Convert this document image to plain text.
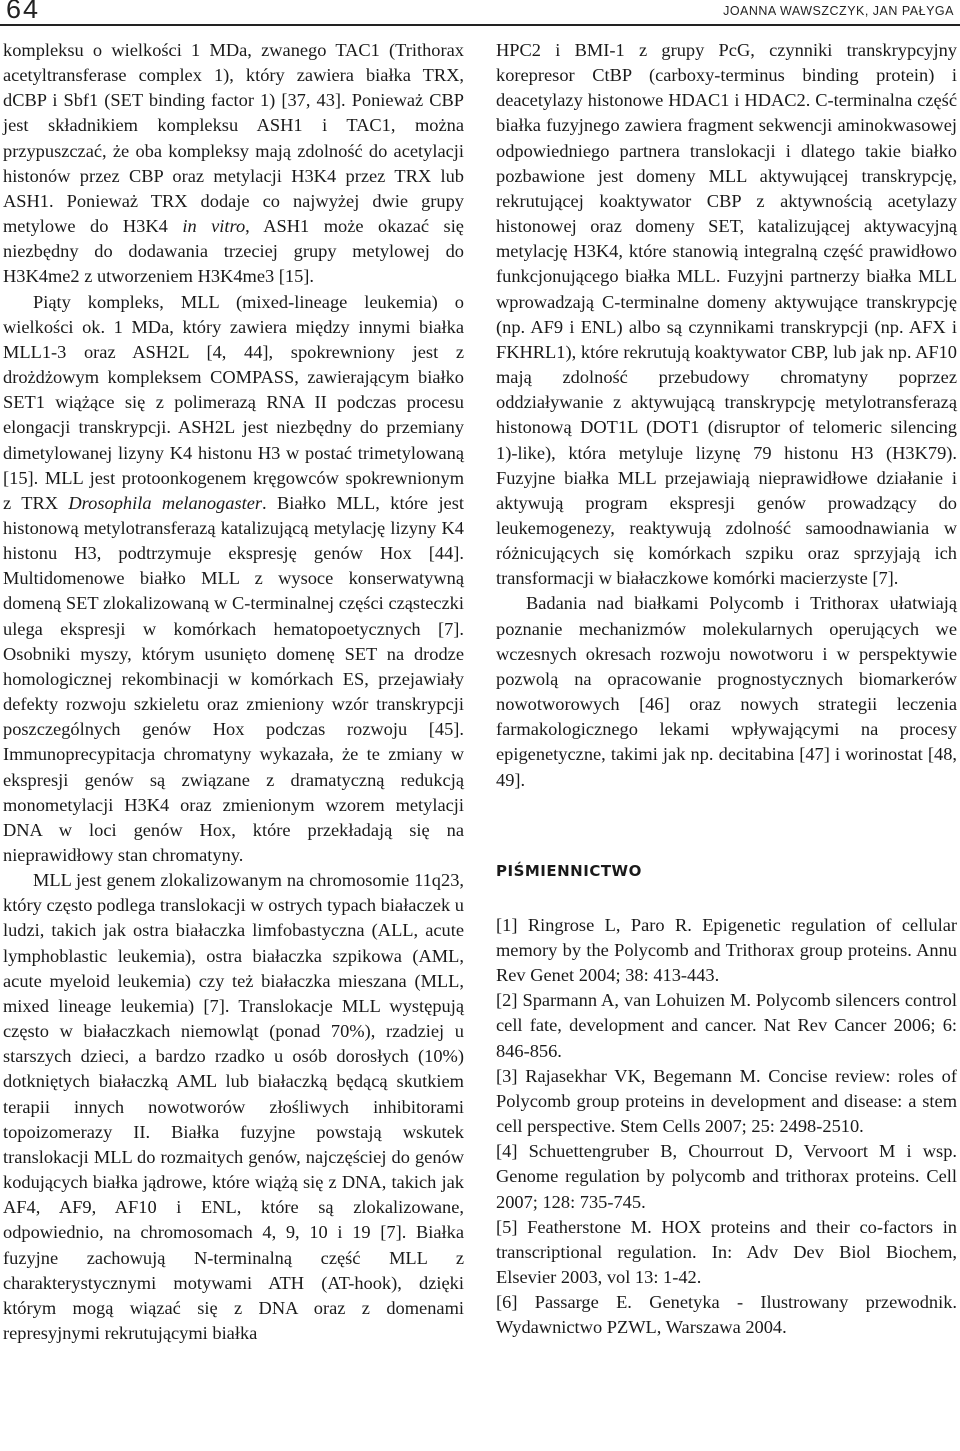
64	JOANNA WAWSZCZYK, JAN PAŁYGA

kompleksu o wielkości 1 MDa, zwanego TAC1 (Trithorax acetyltransferase complex 1), który zawiera białka TRX, dCBP i Sbf1 (SET binding factor 1) [37, 43]. Ponieważ CBP jest składnikiem kompleksu ASH1 i TAC1, można przypuszczać, że oba kompleksy mają zdolność do acetylacji histonów przez CBP oraz metylacji H3K4 przez TRX lub ASH1. Ponieważ TRX dodaje co najwyżej dwie grupy metylowe do H3K4 in vitro, ASH1 może okazać się niezbędny do dodawania trzeciej grupy metylowej do H3K4me2 z utworzeniem H3K4me3 [15].

Piąty kompleks, MLL (mixed-lineage leukemia) o wielkości ok. 1 MDa, który zawiera między innymi białka MLL1-3 oraz ASH2L [4, 44], spokrewniony jest z drożdżowym kompleksem COMPASS, zawierającym białko SET1 wiążące się z polimerazą RNA II podczas procesu elongacji transkrypcji. ASH2L jest niezbędny do przemiany dimetylowanej lizyny K4 histonu H3 w postać trimetylowaną [15]. MLL jest protoonkogenem kręgowców spokrewnionym z TRX Drosophila melanogaster. Białko MLL, które jest histonową metylotransferazą katalizującą metylację lizyny K4 histonu H3, podtrzymuje ekspresję genów Hox [44]. Multidomenowe białko MLL z wysoce konserwatywną domeną SET zlokalizowaną w C-terminalnej części cząsteczki ulega ekspresji w komórkach hematopoetycznych [7]. Osobniki myszy, którym usunięto domenę SET na drodze homologicznej rekombinacji w komórkach ES, przejawiały defekty rozwoju szkieletu oraz zmieniony wzór transkrypcji poszczególnych genów Hox podczas rozwoju [45]. Immunoprecypitacja chromatyny wykazała, że te zmiany w ekspresji genów są związane z dramatyczną redukcją monometylacji H3K4 oraz zmienionym wzorem metylacji DNA w loci genów Hox, które przekładają się na nieprawidłowy stan chromatyny.

MLL jest genem zlokalizowanym na chromosomie 11q23, który często podlega translokacji w ostrych typach białaczek u ludzi, takich jak ostra białaczka limfobastyczna (ALL, acute lymphoblastic leukemia), ostra białaczka szpikowa (AML, acute myeloid leukemia) czy też białaczka mieszana (MLL, mixed lineage leukemia) [7]. Translokacje MLL występują często w białaczkach niemowląt (ponad 70%), rzadziej u starszych dzieci, a bardzo rzadko u osób dorosłych (10%) dotkniętych białaczką AML lub białaczką będącą skutkiem terapii innych nowotworów złośliwych inhibitorami topoizomerazy II. Białka fuzyjne powstają wskutek translokacji MLL do rozmaitych genów, najczęściej do genów kodujących białka jądrowe, które wiążą się z DNA, takich jak AF4, AF9, AF10 i ENL, które są zlokalizowane, odpowiednio, na chromosomach 4, 9, 10 i 19 [7]. Białka fuzyjne zachowują N-terminalną część MLL z charakterystycznymi motywami ATH (AT-hook), dzięki którym mogą wiązać się z DNA oraz z domenami represyjnymi rekrutującymi białka

HPC2 i BMI-1 z grupy PcG, czynniki transkrypcyjny korepresor CtBP (carboxy-terminus binding protein) i deacetylazy histonowe HDAC1 i HDAC2. C-terminalna część białka fuzyjnego zawiera fragment sekwencji aminokwasowej odpowiedniego partnera translokacji i dlatego takie białko pozbawione jest domeny MLL aktywującej transkrypcję, rekrutującej koaktywator CBP z aktywnością acetylazy histonowej oraz domeny SET, katalizującej aktywacyjną metylację H3K4, które stanowią integralną część prawidłowo funkcjonującego białka MLL. Fuzyjni partnerzy białka MLL wprowadzają C-terminalne domeny aktywujące transkrypcję (np. AF9 i ENL) albo są czynnikami transkrypcji (np. AFX i FKHRL1), które rekrutują koaktywator CBP, lub jak np. AF10 mają zdolność przebudowy chromatyny poprzez oddziaływanie z aktywującą transkrypcję metylotransferazą histonową DOT1L (DOT1 (disruptor of telomeric silencing 1)-like), która metyluje lizynę 79 histonu H3 (H3K79). Fuzyjne białka MLL przejawiają nieprawidłowe działanie i aktywują program ekspresji genów prowadzący do leukemogenezy, reaktywują zdolność samoodnawiania w różnicujących się komórkach szpiku oraz sprzyjają ich transformacji w białaczkowe komórki macierzyste [7].

Badania nad białkami Polycomb i Trithorax ułatwiają poznanie mechanizmów molekularnych operujących we wczesnych okresach rozwoju nowotworu i w perspektywie pozwolą na opracowanie prognostycznych biomarkerów nowotworowych [46] oraz nowych strategii leczenia farmakologicznego lekami wpływającymi na procesy epigenetyczne, takimi jak np. decitabina [47] i worinostat [48, 49].

PIŚMIENNICTWO
[1] Ringrose L, Paro R. Epigenetic regulation of cellular memory by the Polycomb and Trithorax group proteins. Annu Rev Genet 2004; 38: 413-443.
[2] Sparmann A, van Lohuizen M. Polycomb silencers control cell fate, development and cancer. Nat Rev Cancer 2006; 6: 846-856.
[3] Rajasekhar VK, Begemann M. Concise review: roles of Polycomb group proteins in development and disease: a stem cell perspective. Stem Cells 2007; 25: 2498-2510.
[4] Schuettengruber B, Chourrout D, Vervoort M i wsp. Genome regulation by polycomb and trithorax proteins. Cell 2007; 128: 735-745.
[5] Featherstone M. HOX proteins and their co-factors in transcriptional regulation. In: Adv Dev Biol Biochem, Elsevier 2003, vol 13: 1-42.
[6] Passarge E. Genetyka - Ilustrowany przewodnik. Wydawnictwo PZWL, Warszawa 2004.
